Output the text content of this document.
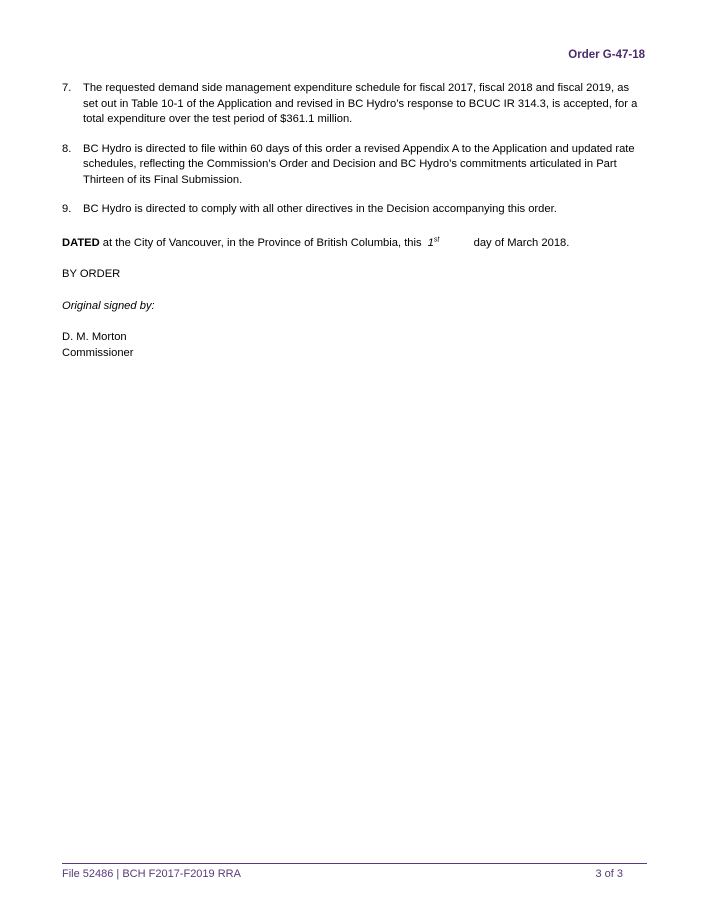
Order G-47-18
7.	The requested demand side management expenditure schedule for fiscal 2017, fiscal 2018 and fiscal 2019, as set out in Table 10-1 of the Application and revised in BC Hydro’s response to BCUC IR 314.3, is accepted, for a total expenditure over the test period of $361.1 million.
8.	BC Hydro is directed to file within 60 days of this order a revised Appendix A to the Application and updated rate schedules, reflecting the Commission’s Order and Decision and BC Hydro’s commitments articulated in Part Thirteen of its Final Submission.
9.	BC Hydro is directed to comply with all other directives in the Decision accompanying this order.
DATED at the City of Vancouver, in the Province of British Columbia, this 1st	day of March 2018.
BY ORDER
Original signed by:
D. M. Morton
Commissioner
File 52486 | BCH F2017-F2019 RRA	3 of 3
